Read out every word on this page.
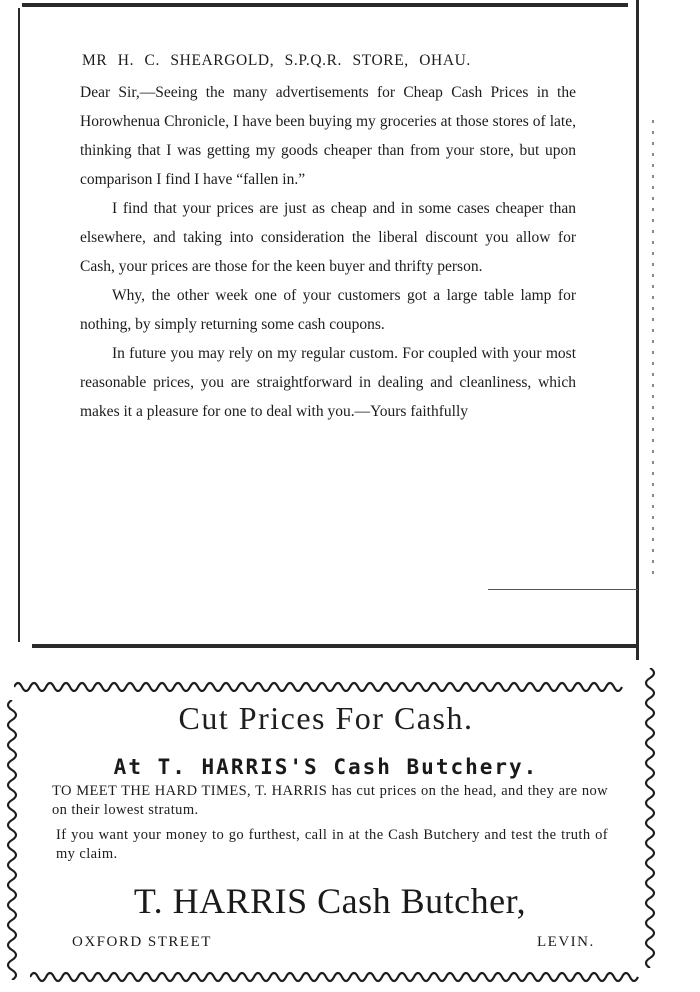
MR H. C. SHEARGOLD, S.P.Q.R. STORE, OHAU.

Dear Sir,—Seeing the many advertisements for Cheap Cash Prices in the Horowhenua Chronicle, I have been buying my groceries at those stores of late, thinking that I was getting my goods cheaper than from your store, but upon comparison I find I have “fallen in.”

I find that your prices are just as cheap and in some cases cheaper than elsewhere, and taking into consideration the liberal discount you allow for Cash, your prices are those for the keen buyer and thrifty person.

Why, the other week one of your customers got a large table lamp for nothing, by simply returning some cash coupons.

In future you may rely on my regular custom. For coupled with your most reasonable prices, you are straightforward in dealing and cleanliness, which makes it a pleasure for one to deal with you.—Yours faithfully

Cut Prices For Cash.

At T. HARRIS'S Cash Butchery.

TO MEET THE HARD TIMES, T. HARRIS has cut prices on the head, and they are now on their lowest stratum.

If you want your money to go furthest, call in at the Cash Butchery and test the truth of my claim.

T. HARRIS Cash Butcher,

OXFORD STREET	LEVIN.
